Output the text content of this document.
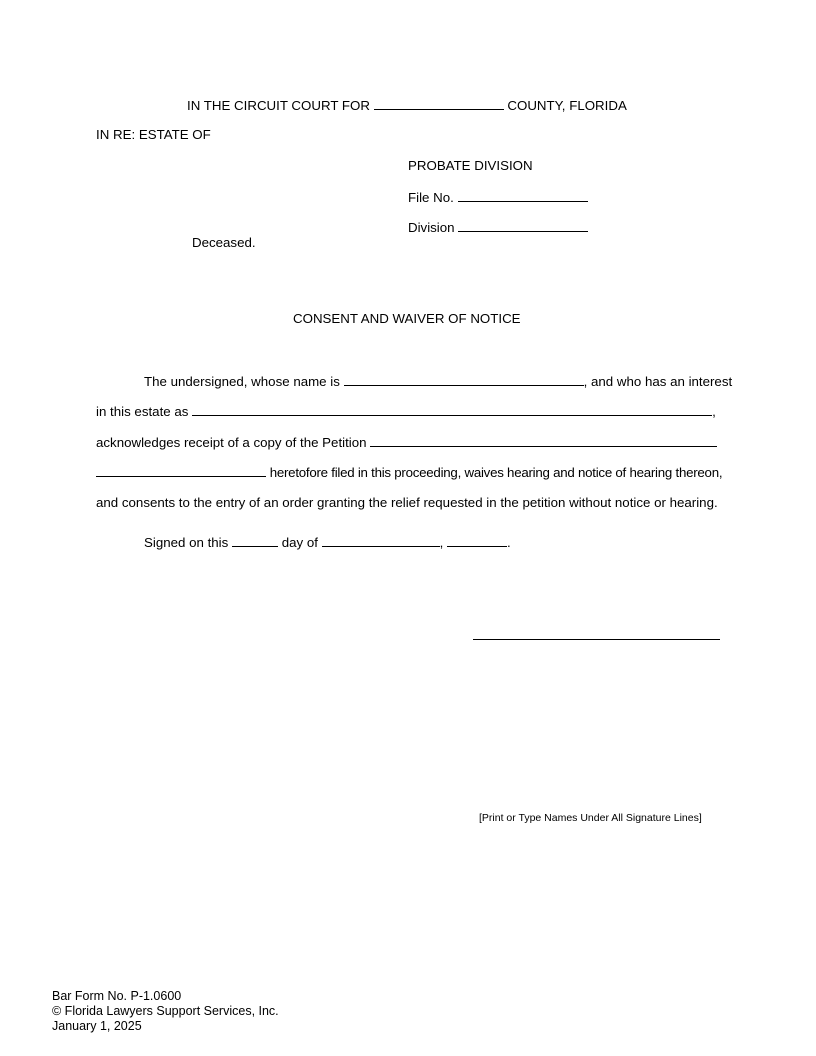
IN THE CIRCUIT COURT FOR	COUNTY, FLORIDA
IN RE: ESTATE OF
PROBATE DIVISION
File No.
Division
Deceased.
CONSENT AND WAIVER OF NOTICE
The undersigned, whose name is	, and who has an interest
in this estate as	,
acknowledges receipt of a copy of the Petition
heretofore filed in this proceeding, waives hearing and notice of hearing thereon,
and consents to the entry of an order granting the relief requested in the petition without notice or hearing.
Signed on this	day of	,	.
[Print or Type Names Under All Signature Lines]
Bar Form No. P-1.0600
© Florida Lawyers Support Services, Inc.
January 1, 2025
